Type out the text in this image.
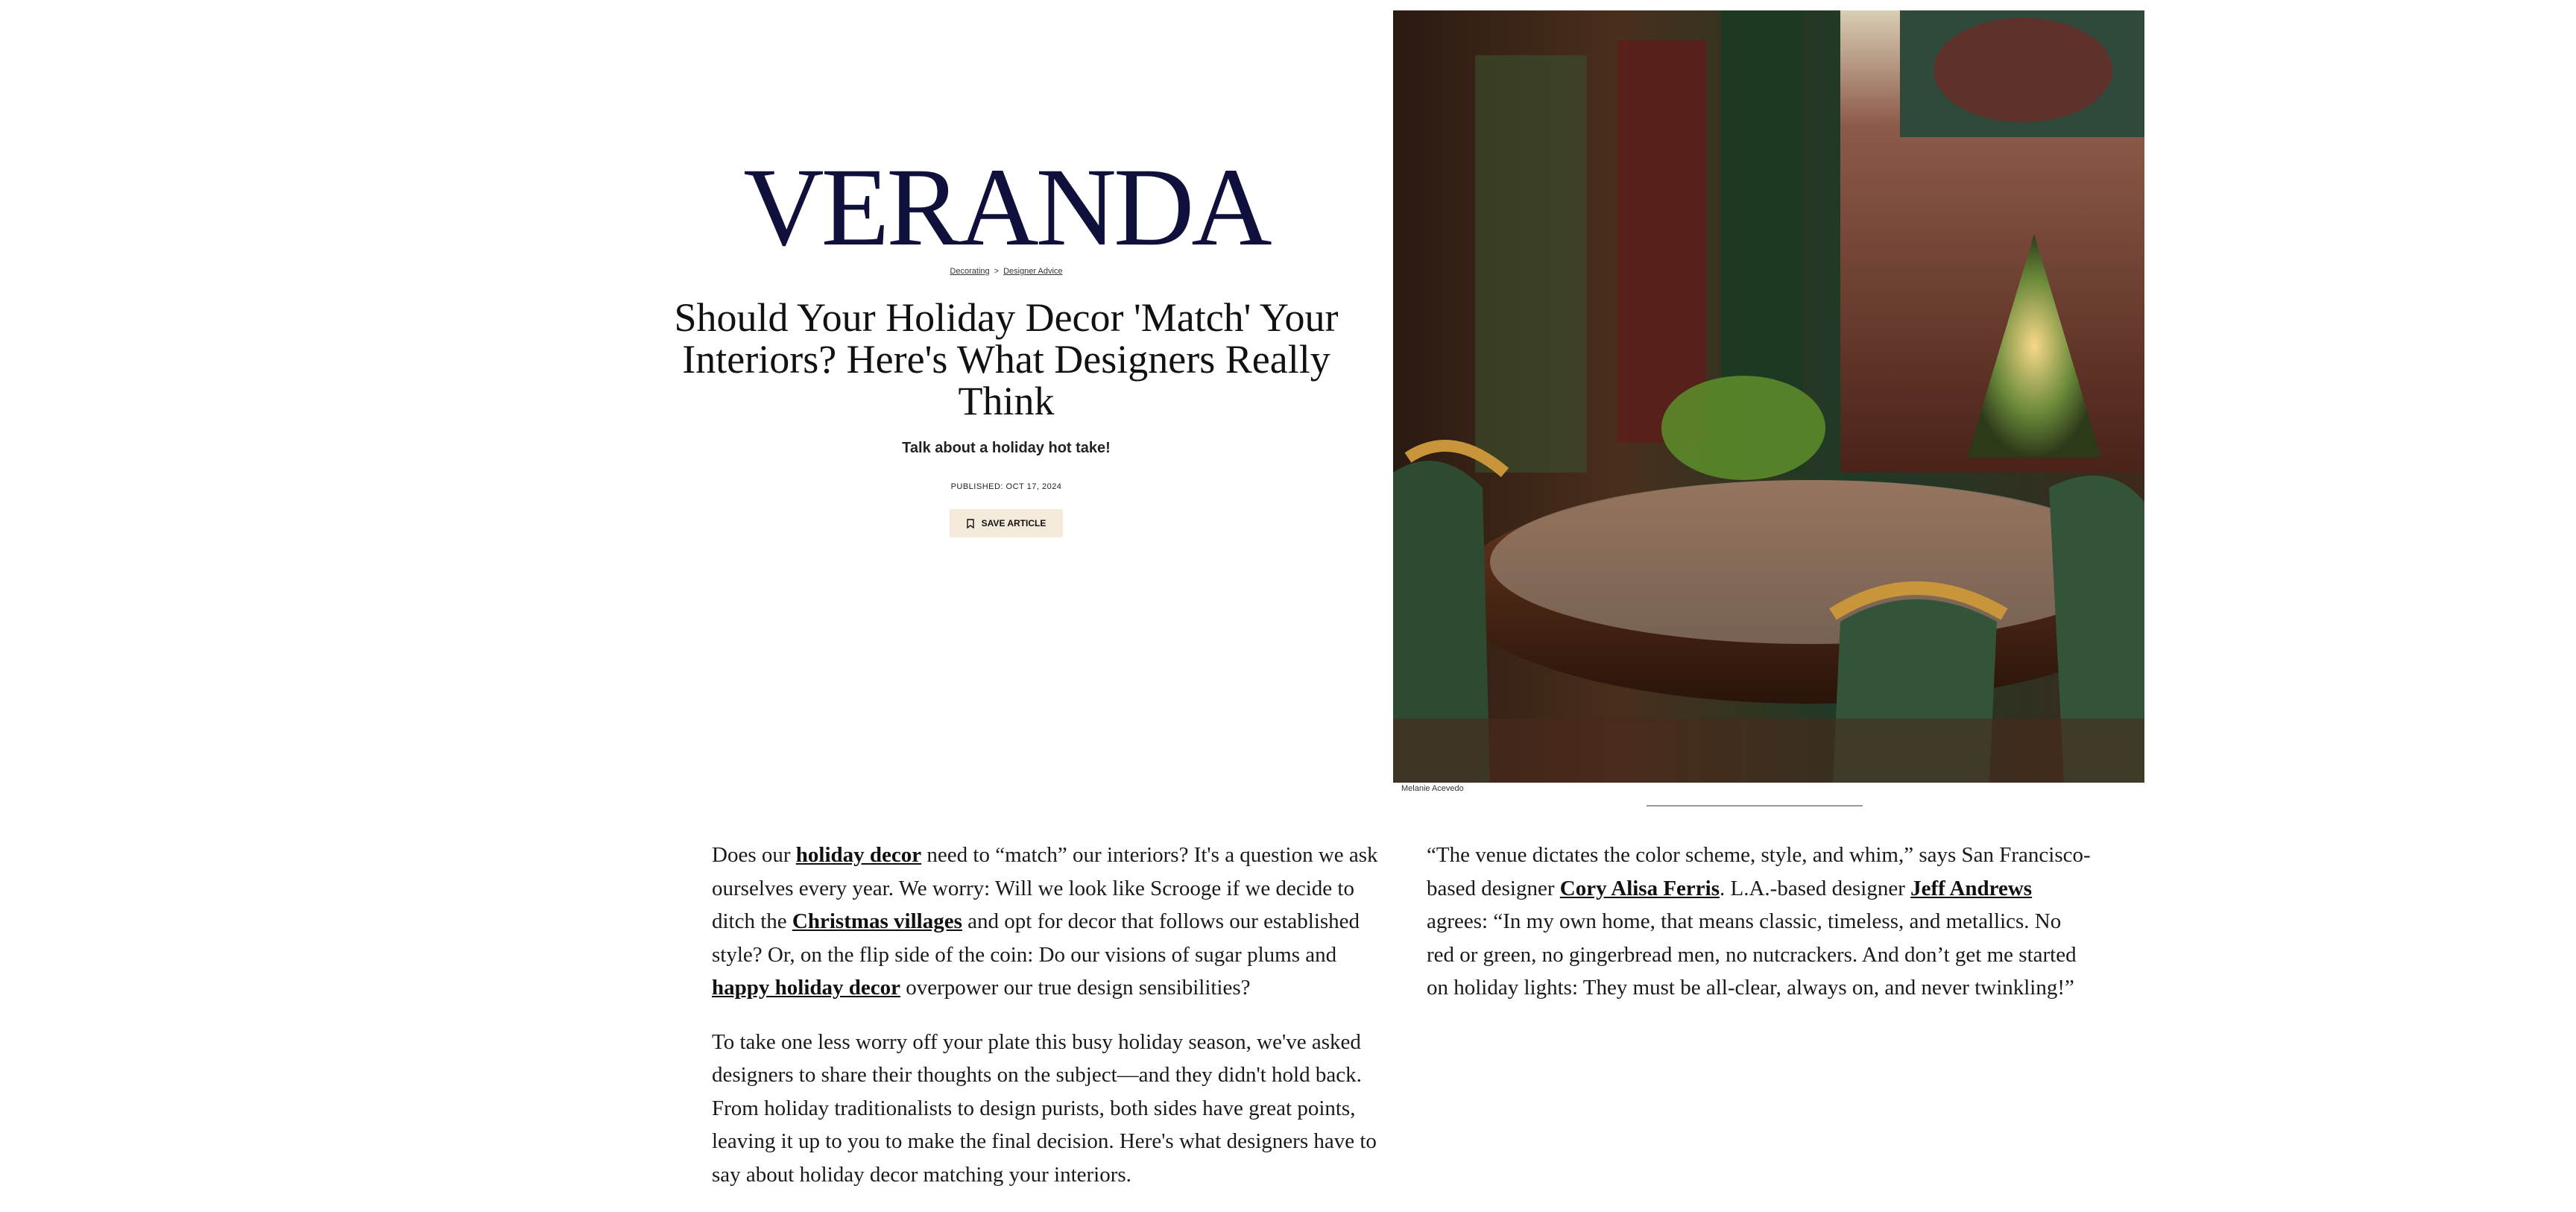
VERANDA
Decorating > Designer Advice
Should Your Holiday Decor 'Match' Your Interiors? Here's What Designers Really Think
Talk about a holiday hot take!
PUBLISHED: OCT 17, 2024
SAVE ARTICLE
Melanie Acevedo

Does our holiday decor need to “match” our interiors? It's a question we ask ourselves every year. We worry: Will we look like Scrooge if we decide to ditch the Christmas villages and opt for decor that follows our established style? Or, on the flip side of the coin: Do our visions of sugar plums and happy holiday decor overpower our true design sensibilities?

To take one less worry off your plate this busy holiday season, we've asked designers to share their thoughts on the subject—and they didn't hold back. From holiday traditionalists to design purists, both sides have great points, leaving it up to you to make the final decision. Here's what designers have to say about holiday decor matching your interiors.

“The venue dictates the color scheme, style, and whim,” says San Francisco-based designer Cory Alisa Ferris. L.A.-based designer Jeff Andrews agrees: “In my own home, that means classic, timeless, and metallics. No red or green, no gingerbread men, no nutcrackers. And don’t get me started on holiday lights: They must be all-clear, always on, and never twinkling!”
